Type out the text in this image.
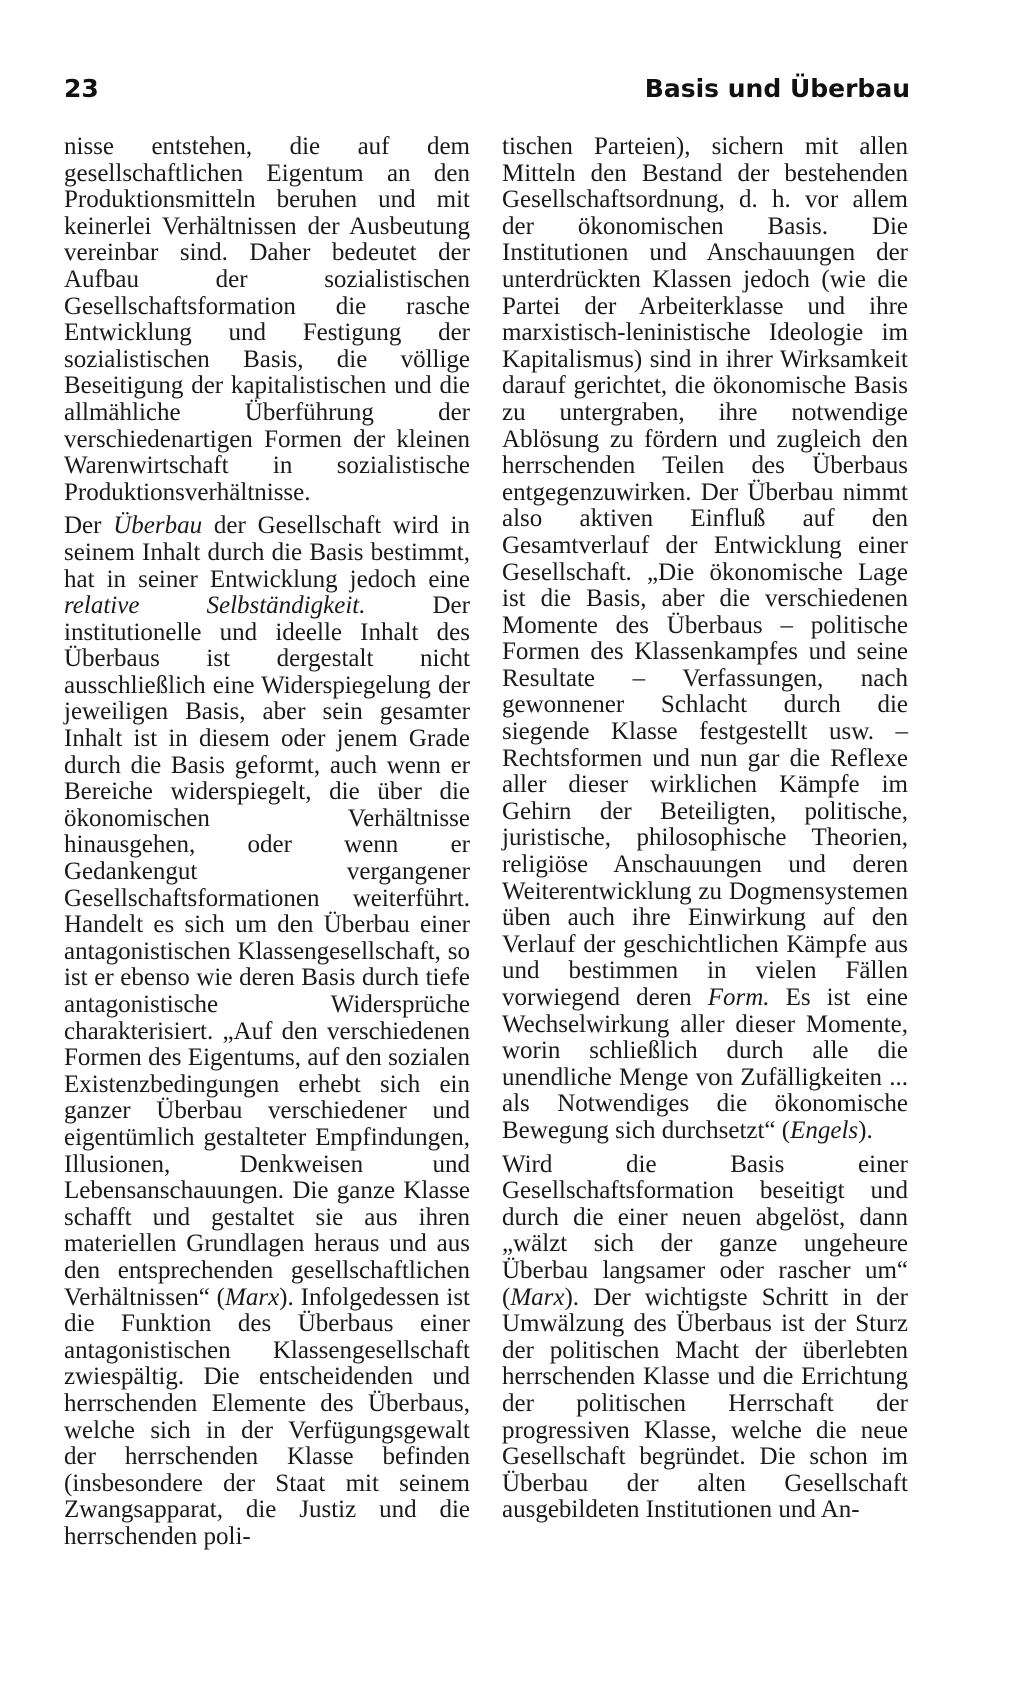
23	Basis und Überbau

nisse entstehen, die auf dem gesellschaftlichen Eigentum an den Produktionsmitteln beruhen und mit keinerlei Verhältnissen der Ausbeutung vereinbar sind. Daher bedeutet der Aufbau der sozialistischen Gesellschaftsformation die rasche Entwicklung und Festigung der sozialistischen Basis, die völlige Beseitigung der kapitalistischen und die allmähliche Überführung der verschiedenartigen Formen der kleinen Warenwirtschaft in sozialistische Produktionsverhältnisse.

Der Überbau der Gesellschaft wird in seinem Inhalt durch die Basis bestimmt, hat in seiner Entwicklung jedoch eine relative Selbständigkeit. Der institutionelle und ideelle Inhalt des Überbaus ist dergestalt nicht ausschließlich eine Widerspiegelung der jeweiligen Basis, aber sein gesamter Inhalt ist in diesem oder jenem Grade durch die Basis geformt, auch wenn er Bereiche widerspiegelt, die über die ökonomischen Verhältnisse hinausgehen, oder wenn er Gedankengut vergangener Gesellschaftsformationen weiterführt. Handelt es sich um den Überbau einer antagonistischen Klassengesellschaft, so ist er ebenso wie deren Basis durch tiefe antagonistische Widersprüche charakterisiert. „Auf den verschiedenen Formen des Eigentums, auf den sozialen Existenzbedingungen erhebt sich ein ganzer Überbau verschiedener und eigentümlich gestalteter Empfindungen, Illusionen, Denkweisen und Lebensanschauungen. Die ganze Klasse schafft und gestaltet sie aus ihren materiellen Grundlagen heraus und aus den entsprechenden gesellschaftlichen Verhältnissen“ (Marx). Infolgedessen ist die Funktion des Überbaus einer antagonistischen Klassengesellschaft zwiespältig. Die entscheidenden und herrschenden Elemente des Überbaus, welche sich in der Verfügungsgewalt der herrschenden Klasse befinden (insbesondere der Staat mit seinem Zwangsapparat, die Justiz und die herrschenden poli-

tischen Parteien), sichern mit allen Mitteln den Bestand der bestehenden Gesellschaftsordnung, d. h. vor allem der ökonomischen Basis. Die Institutionen und Anschauungen der unterdrückten Klassen jedoch (wie die Partei der Arbeiterklasse und ihre marxistisch-leninistische Ideologie im Kapitalismus) sind in ihrer Wirksamkeit darauf gerichtet, die ökonomische Basis zu untergraben, ihre notwendige Ablösung zu fördern und zugleich den herrschenden Teilen des Überbaus entgegenzuwirken. Der Überbau nimmt also aktiven Einfluß auf den Gesamtverlauf der Entwicklung einer Gesellschaft. „Die ökonomische Lage ist die Basis, aber die verschiedenen Momente des Überbaus – politische Formen des Klassenkampfes und seine Resultate – Verfassungen, nach gewonnener Schlacht durch die siegende Klasse festgestellt usw. – Rechtsformen und nun gar die Reflexe aller dieser wirklichen Kämpfe im Gehirn der Beteiligten, politische, juristische, philosophische Theorien, religiöse Anschauungen und deren Weiterentwicklung zu Dogmensystemen üben auch ihre Einwirkung auf den Verlauf der geschichtlichen Kämpfe aus und bestimmen in vielen Fällen vorwiegend deren Form. Es ist eine Wechselwirkung aller dieser Momente, worin schließlich durch alle die unendliche Menge von Zufälligkeiten ... als Notwendiges die ökonomische Bewegung sich durchsetzt“ (Engels).

Wird die Basis einer Gesellschaftsformation beseitigt und durch die einer neuen abgelöst, dann „wälzt sich der ganze ungeheure Überbau langsamer oder rascher um“ (Marx). Der wichtigste Schritt in der Umwälzung des Überbaus ist der Sturz der politischen Macht der überlebten herrschenden Klasse und die Errichtung der politischen Herrschaft der progressiven Klasse, welche die neue Gesellschaft begründet. Die schon im Überbau der alten Gesellschaft ausgebildeten Institutionen und An-
